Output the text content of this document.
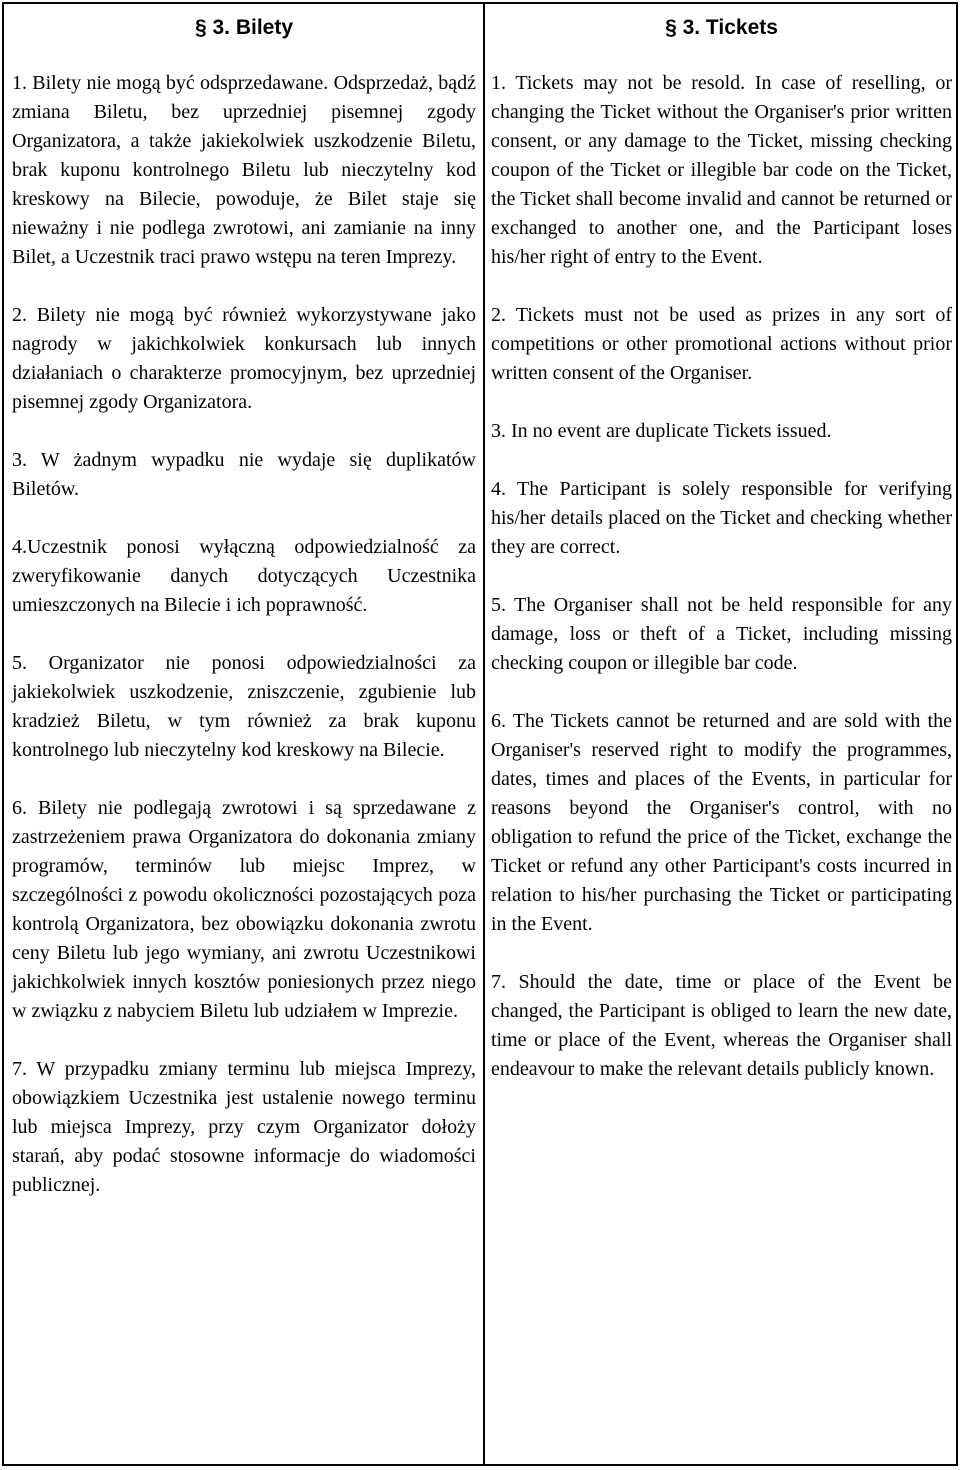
§ 3. Bilety

1. Bilety nie mogą być odsprzedawane. Odsprzedaż, bądź zmiana Biletu, bez uprzedniej pisemnej zgody Organizatora, a także jakiekolwiek uszkodzenie Biletu, brak kuponu kontrolnego Biletu lub nieczytelny kod kreskowy na Bilecie, powoduje, że Bilet staje się nieważny i nie podlega zwrotowi, ani zamianie na inny Bilet, a Uczestnik traci prawo wstępu na teren Imprezy.

2. Bilety nie mogą być również wykorzystywane jako nagrody w jakichkolwiek konkursach lub innych działaniach o charakterze promocyjnym, bez uprzedniej pisemnej zgody Organizatora.

3. W żadnym wypadku nie wydaje się duplikatów Biletów.

4.Uczestnik ponosi wyłączną odpowiedzialność za zweryfikowanie danych dotyczących Uczestnika umieszczonych na Bilecie i ich poprawność.

5. Organizator nie ponosi odpowiedzialności za jakiekolwiek uszkodzenie, zniszczenie, zgubienie lub kradzież Biletu, w tym również za brak kuponu kontrolnego lub nieczytelny kod kreskowy na Bilecie.

6. Bilety nie podlegają zwrotowi i są sprzedawane z zastrzeżeniem prawa Organizatora do dokonania zmiany programów, terminów lub miejsc Imprez, w szczególności z powodu okoliczności pozostających poza kontrolą Organizatora, bez obowiązku dokonania zwrotu ceny Biletu lub jego wymiany, ani zwrotu Uczestnikowi jakichkolwiek innych kosztów poniesionych przez niego w związku z nabyciem Biletu lub udziałem w Imprezie.

7. W przypadku zmiany terminu lub miejsca Imprezy, obowiązkiem Uczestnika jest ustalenie nowego terminu lub miejsca Imprezy, przy czym Organizator dołoży starań, aby podać stosowne informacje do wiadomości publicznej.

§ 3. Tickets

1. Tickets may not be resold. In case of reselling, or changing the Ticket without the Organiser's prior written consent, or any damage to the Ticket, missing checking coupon of the Ticket or illegible bar code on the Ticket, the Ticket shall become invalid and cannot be returned or exchanged to another one, and the Participant loses his/her right of entry to the Event.

2. Tickets must not be used as prizes in any sort of competitions or other promotional actions without prior written consent of the Organiser.

3. In no event are duplicate Tickets issued.

4. The Participant is solely responsible for verifying his/her details placed on the Ticket and checking whether they are correct.

5. The Organiser shall not be held responsible for any damage, loss or theft of a Ticket, including missing checking coupon or illegible bar code.

6. The Tickets cannot be returned and are sold with the Organiser's reserved right to modify the programmes, dates, times and places of the Events, in particular for reasons beyond the Organiser's control, with no obligation to refund the price of the Ticket, exchange the Ticket or refund any other Participant's costs incurred in relation to his/her purchasing the Ticket or participating in the Event.

7. Should the date, time or place of the Event be changed, the Participant is obliged to learn the new date, time or place of the Event, whereas the Organiser shall endeavour to make the relevant details publicly known.
